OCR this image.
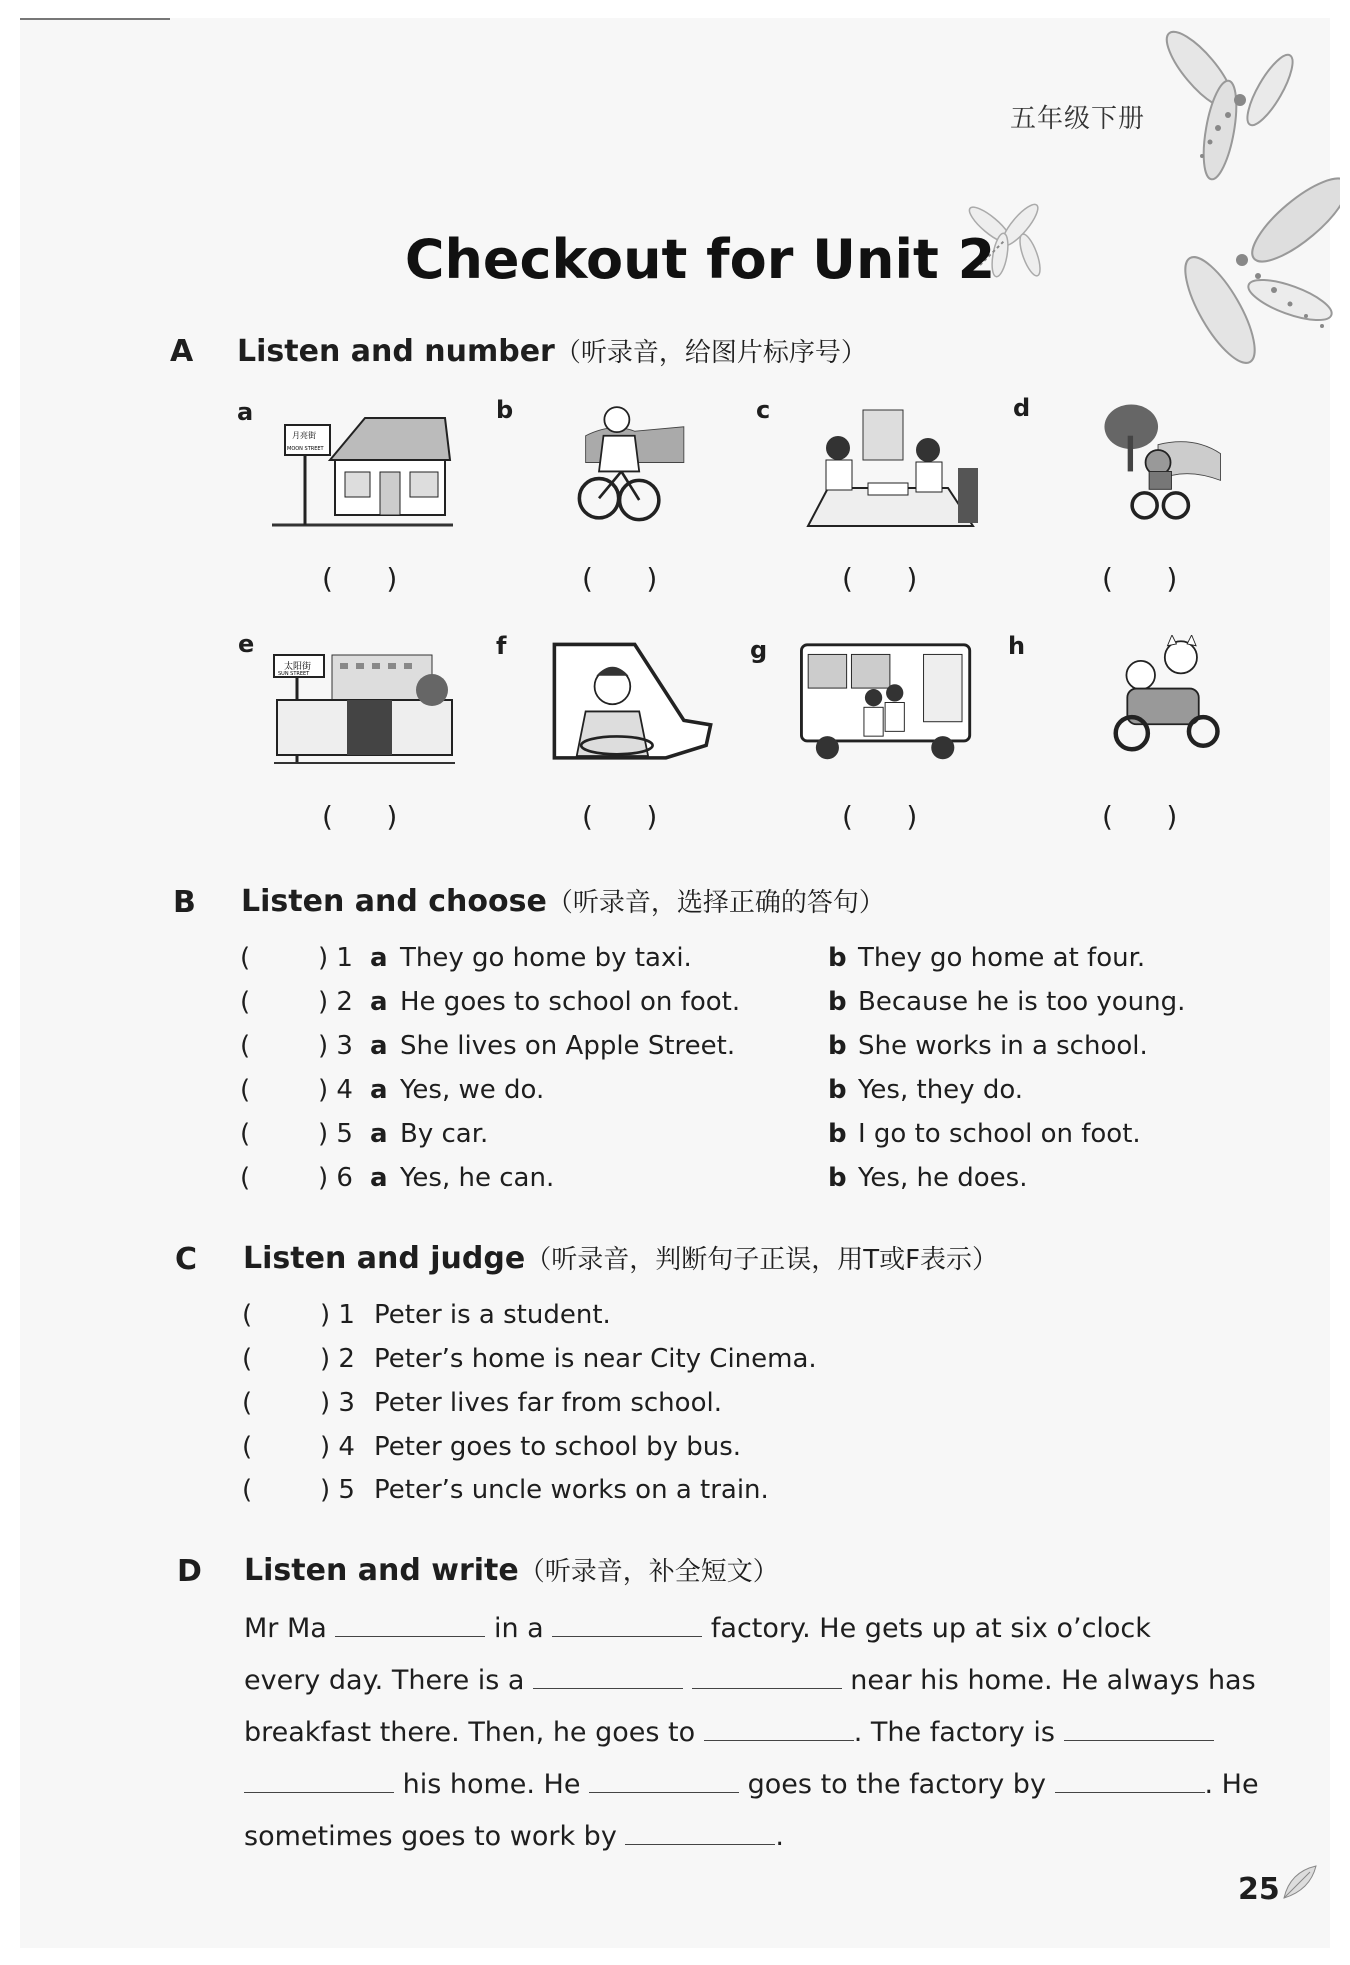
五年级下册
Checkout for Unit 2
A Listen and number（听录音，给图片标序号）
a	b	c	d
月亮街
MOON STREET
(      )	(      )	(      )	(      )
e	f	g	h
太阳街
SUN STREET
(      )	(      )	(      )	(      )
B Listen and choose（听录音，选择正确的答句）
(	) 1 a They go home by taxi.	b They go home at four.
(	) 2 a He goes to school on foot.	b Because he is too young.
(	) 3 a She lives on Apple Street.	b She works in a school.
(	) 4 a Yes, we do.	b Yes, they do.
(	) 5 a By car.	b I go to school on foot.
(	) 6 a Yes, he can.	b Yes, he does.
C Listen and judge（听录音，判断句子正误，用T或F表示）
(	) 1 Peter is a student.
(	) 2 Peter’s home is near City Cinema.
(	) 3 Peter lives far from school.
(	) 4 Peter goes to school by bus.
(	) 5 Peter’s uncle works on a train.
D Listen and write（听录音，补全短文）
Mr Ma	in a	factory. He gets up at six o’clock
every day. There is a	near his home. He always has
breakfast there. Then, he goes to	. The factory is
his home. He	goes to the factory by	. He
sometimes goes to work by	.
25
